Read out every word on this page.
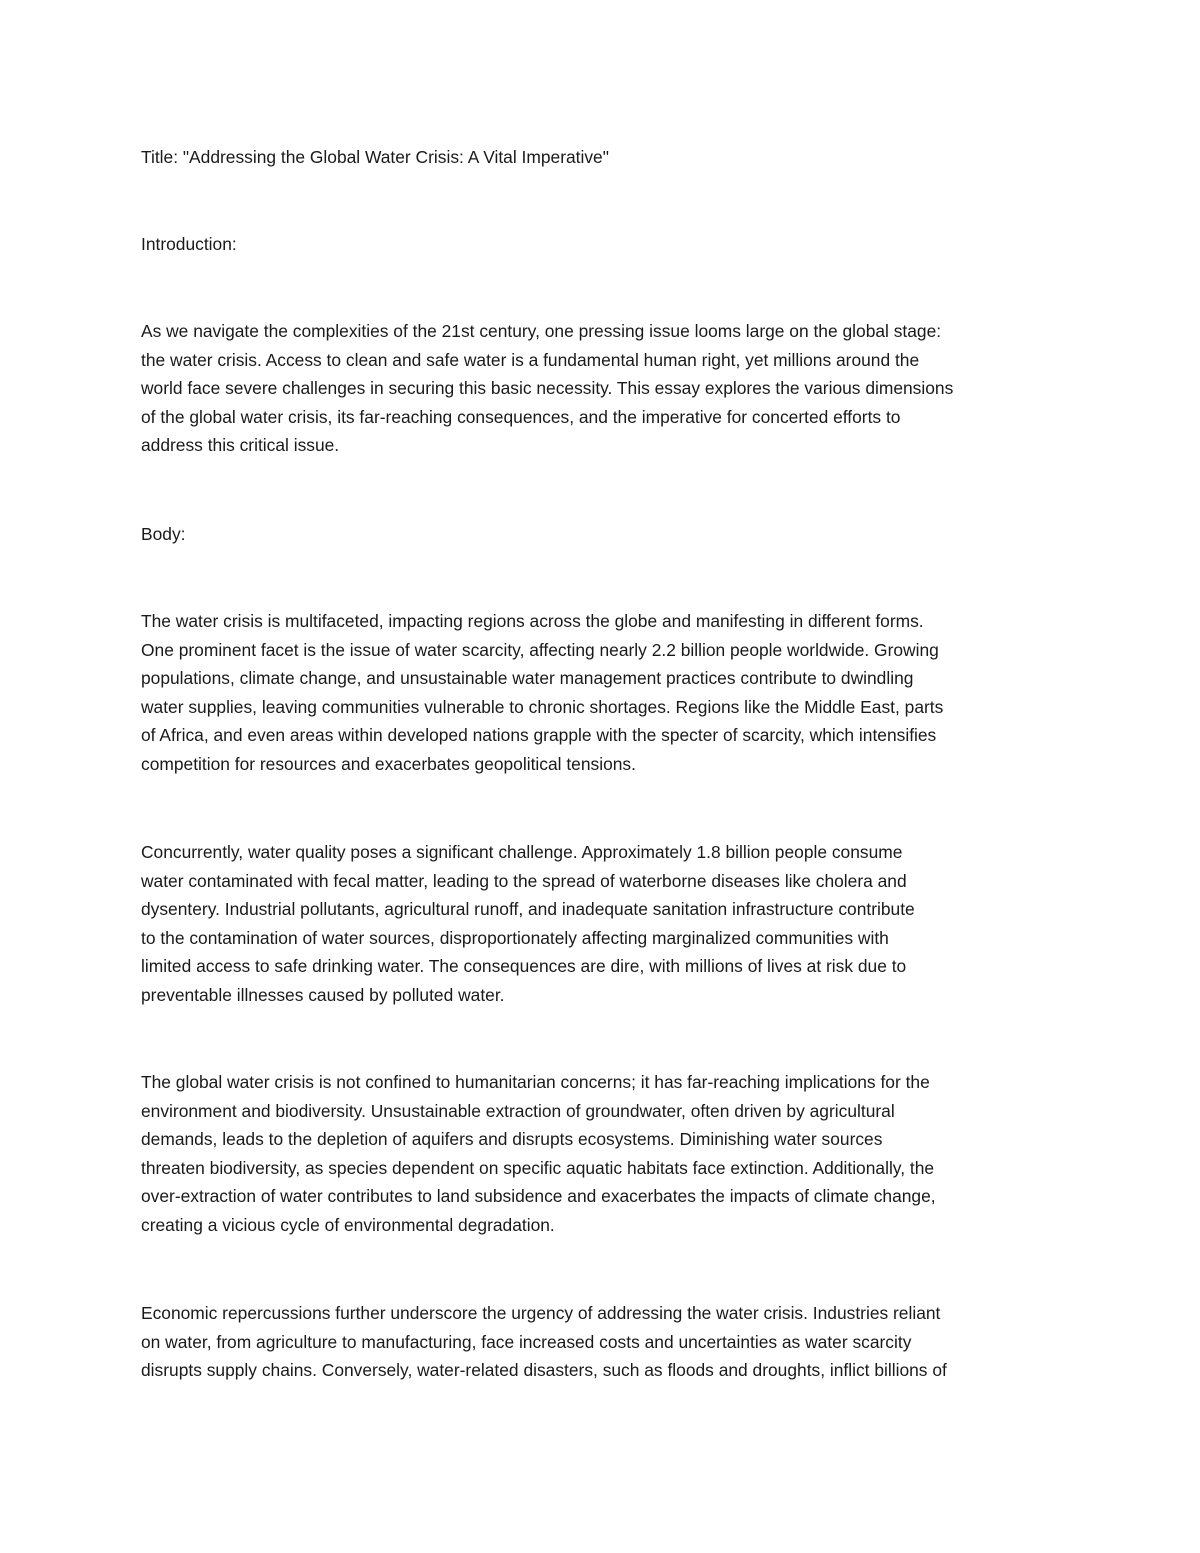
Title: "Addressing the Global Water Crisis: A Vital Imperative"
Introduction:
As we navigate the complexities of the 21st century, one pressing issue looms large on the global stage:
the water crisis. Access to clean and safe water is a fundamental human right, yet millions around the
world face severe challenges in securing this basic necessity. This essay explores the various dimensions
of the global water crisis, its far-reaching consequences, and the imperative for concerted efforts to
address this critical issue.
Body:
The water crisis is multifaceted, impacting regions across the globe and manifesting in different forms.
One prominent facet is the issue of water scarcity, affecting nearly 2.2 billion people worldwide. Growing
populations, climate change, and unsustainable water management practices contribute to dwindling
water supplies, leaving communities vulnerable to chronic shortages. Regions like the Middle East, parts
of Africa, and even areas within developed nations grapple with the specter of scarcity, which intensifies
competition for resources and exacerbates geopolitical tensions.
Concurrently, water quality poses a significant challenge. Approximately 1.8 billion people consume
water contaminated with fecal matter, leading to the spread of waterborne diseases like cholera and
dysentery. Industrial pollutants, agricultural runoff, and inadequate sanitation infrastructure contribute
to the contamination of water sources, disproportionately affecting marginalized communities with
limited access to safe drinking water. The consequences are dire, with millions of lives at risk due to
preventable illnesses caused by polluted water.
The global water crisis is not confined to humanitarian concerns; it has far-reaching implications for the
environment and biodiversity. Unsustainable extraction of groundwater, often driven by agricultural
demands, leads to the depletion of aquifers and disrupts ecosystems. Diminishing water sources
threaten biodiversity, as species dependent on specific aquatic habitats face extinction. Additionally, the
over-extraction of water contributes to land subsidence and exacerbates the impacts of climate change,
creating a vicious cycle of environmental degradation.
Economic repercussions further underscore the urgency of addressing the water crisis. Industries reliant
on water, from agriculture to manufacturing, face increased costs and uncertainties as water scarcity
disrupts supply chains. Conversely, water-related disasters, such as floods and droughts, inflict billions of
